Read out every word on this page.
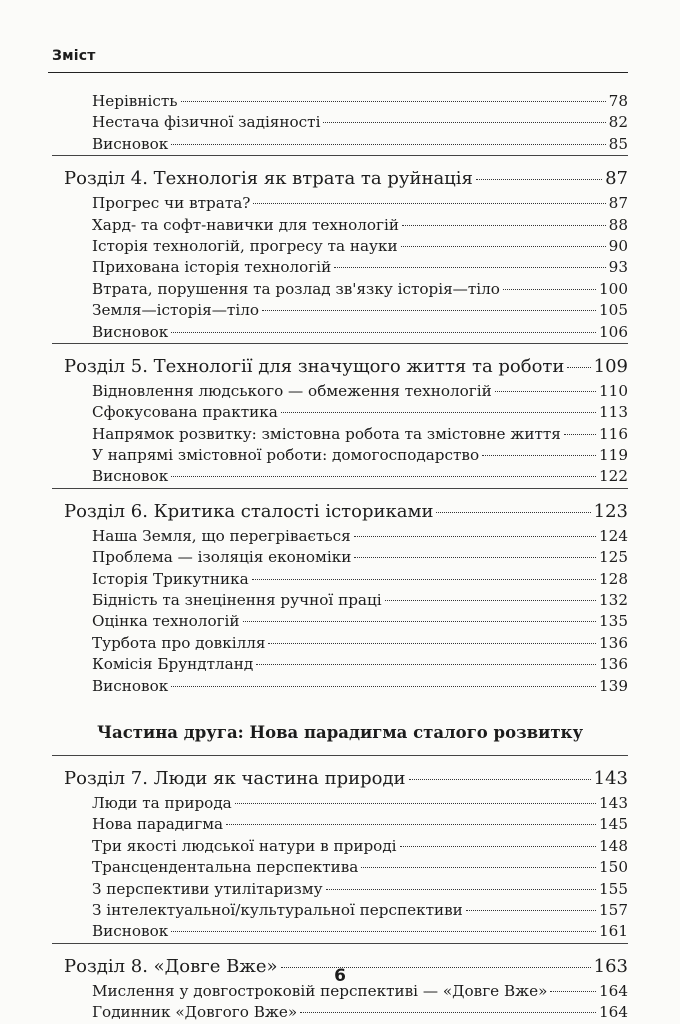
Зміст
Нерівність	78
Нестача фізичної задіяності	82
Висновок	85
Розділ 4. Технологія як втрата та руйнація	87
Прогрес чи втрата?	87
Хард- та софт-навички для технологій	88
Історія технологій, прогресу та науки	90
Прихована історія технологій	93
Втрата, порушення та розлад зв'язку історія—тіло	100
Земля—історія—тіло	105
Висновок	106
Розділ 5. Технології для значущого життя та роботи 109
Відновлення людського — обмеження технологій	110
Сфокусована практика	113
Напрямок розвитку: змістовна робота та змістовне життя	116
У напрямі змістовної роботи: домогосподарство	119
Висновок	122
Розділ 6. Критика сталості істориками	123
Наша Земля, що перегрівається	124
Проблема — ізоляція економіки	125
Історія Трикутника	128
Бідність та знецінення ручної праці	132
Оцінка технологій	135
Турбота про довкілля	136
Комісія Брундтланд	136
Висновок	139
Частина друга: Нова парадигма сталого розвитку
Розділ 7. Люди як частина природи	143
Люди та природа	143
Нова парадигма	145
Три якості людської натури в природі	148
Трансцендентальна перспектива	150
З перспективи утилітаризму	155
З інтелектуальної/культуральної перспективи	157
Висновок	161
Розділ 8. «Довге Вже»	163
Мислення у довгостроковій перспективі — «Довге Вже»	164
Годинник «Довгого Вже»	164
6
